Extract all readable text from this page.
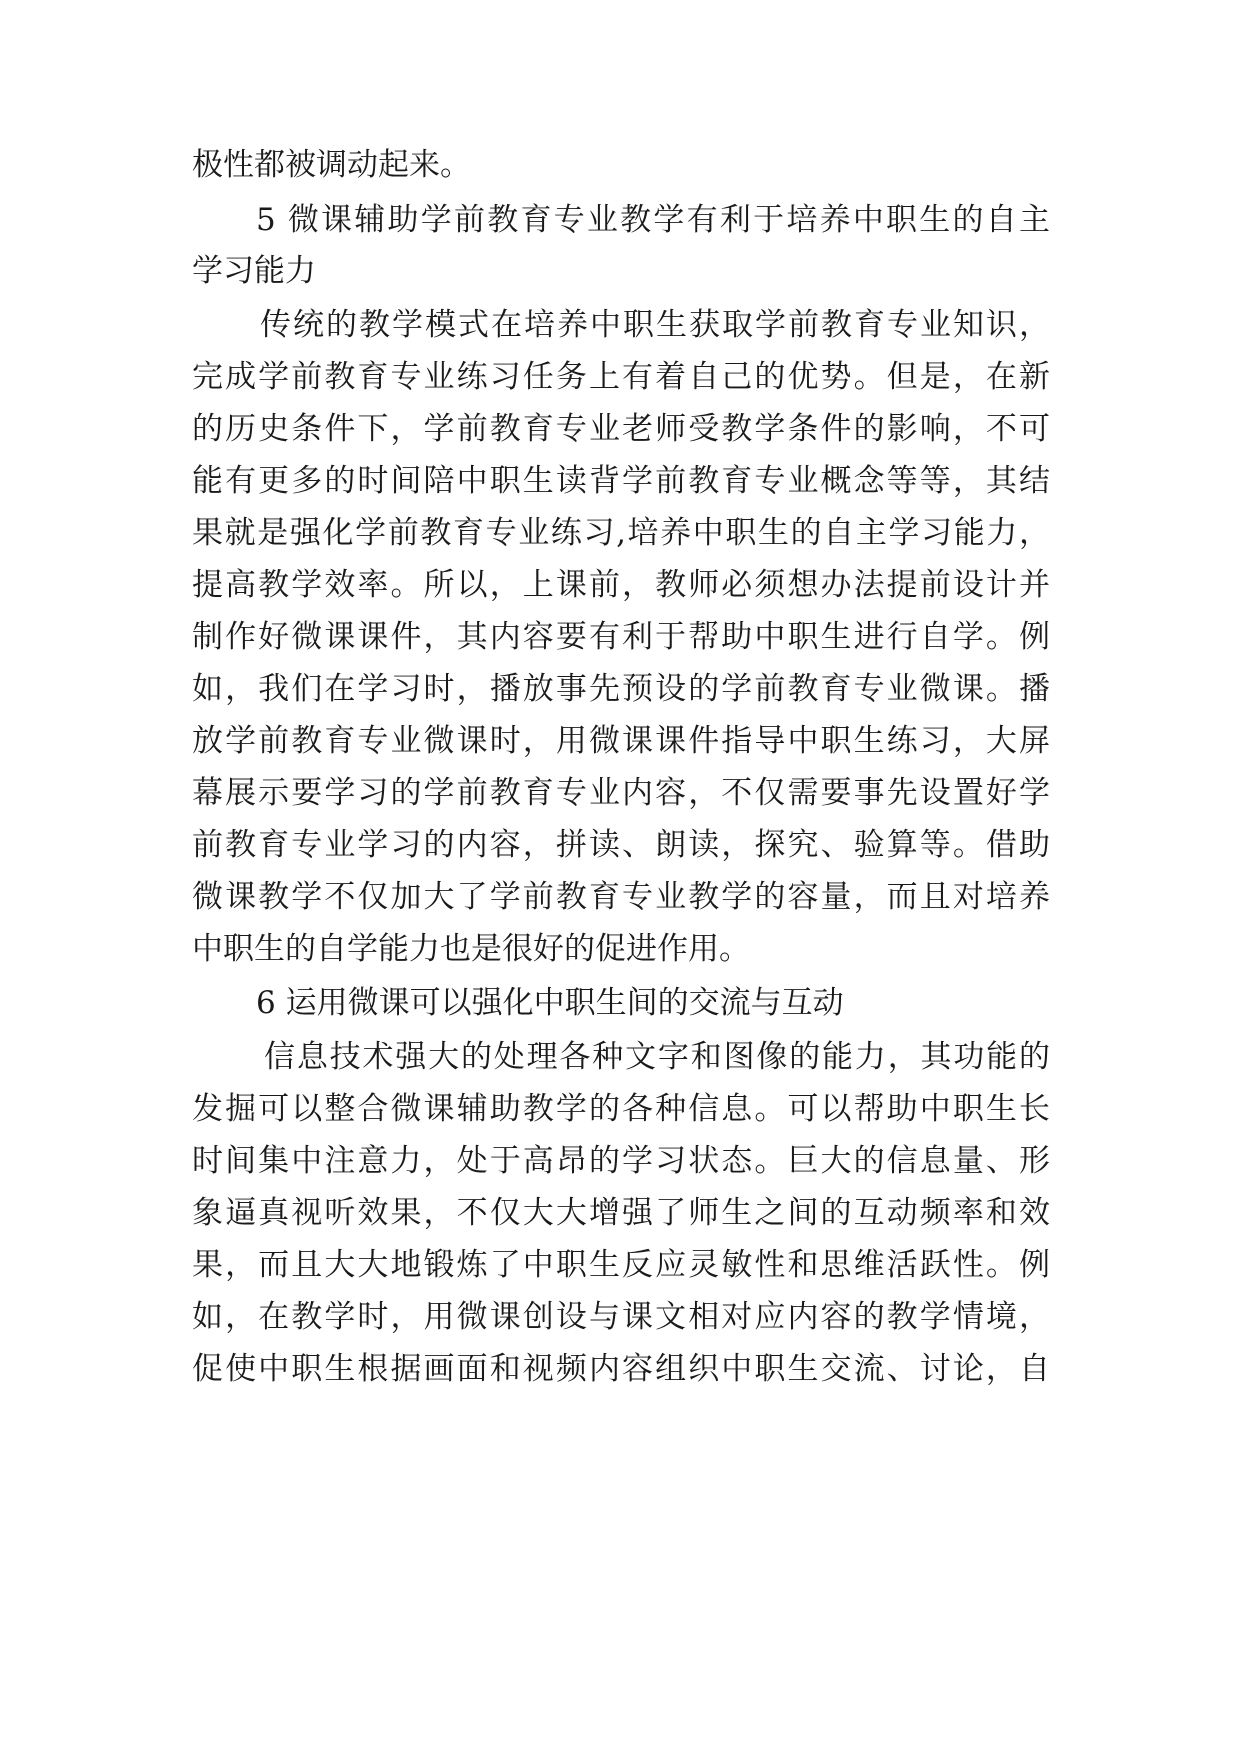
极性都被调动起来。
5 微课辅助学前教育专业教学有利于培养中职生的自主
学习能力
传统的教学模式在培养中职生获取学前教育专业知识，
完成学前教育专业练习任务上有着自己的优势。但是，在新
的历史条件下，学前教育专业老师受教学条件的影响，不可
能有更多的时间陪中职生读背学前教育专业概念等等，其结
果就是强化学前教育专业练习,培养中职生的自主学习能力，
提高教学效率。所以，上课前，教师必须想办法提前设计并
制作好微课课件，其内容要有利于帮助中职生进行自学。例
如，我们在学习时，播放事先预设的学前教育专业微课。播
放学前教育专业微课时，用微课课件指导中职生练习，大屏
幕展示要学习的学前教育专业内容，不仅需要事先设置好学
前教育专业学习的内容，拼读、朗读，探究、验算等。借助
微课教学不仅加大了学前教育专业教学的容量，而且对培养
中职生的自学能力也是很好的促进作用。
6 运用微课可以强化中职生间的交流与互动
信息技术强大的处理各种文字和图像的能力，其功能的
发掘可以整合微课辅助教学的各种信息。可以帮助中职生长
时间集中注意力，处于高昂的学习状态。巨大的信息量、形
象逼真视听效果，不仅大大增强了师生之间的互动频率和效
果，而且大大地锻炼了中职生反应灵敏性和思维活跃性。例
如，在教学时，用微课创设与课文相对应内容的教学情境，
促使中职生根据画面和视频内容组织中职生交流、讨论，自
